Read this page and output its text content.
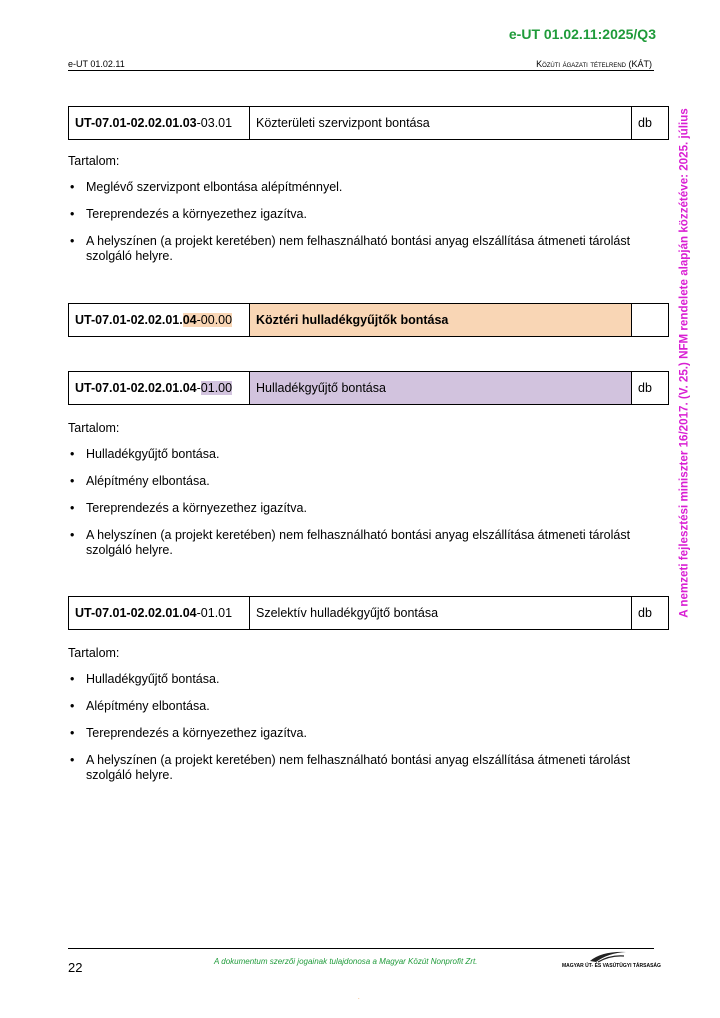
e-UT 01.02.11:2025/Q3
e-UT 01.02.11	Közúti ágazati tételrend (KÁT)
A nemzeti fejlesztési miniszter 16/2017. (V. 25.) NFM rendelete alapján közzétéve: 2025. július
UT-07.01-02.02.01.03-03.01	Közterületi szervizpont bontása	db

Tartalom:

• Meglévő szervizpont elbontása alépítménnyel.
• Tereprendezés a környezethez igazítva.
• A helyszínen (a projekt keretében) nem felhasználható bontási anyag elszállítása átmeneti tárolást szolgáló helyre.
UT-07.01-02.02.01.04-00.00	Köztéri hulladékgyűjtők bontása	
UT-07.01-02.02.01.04-01.00	Hulladékgyűjtő bontása	db

Tartalom:

• Hulladékgyűjtő bontása.
• Alépítmény elbontása.
• Tereprendezés a környezethez igazítva.
• A helyszínen (a projekt keretében) nem felhasználható bontási anyag elszállítása átmeneti tárolást szolgáló helyre.
UT-07.01-02.02.01.04-01.01	Szelektív hulladékgyűjtő bontása	db

Tartalom:

• Hulladékgyűjtő bontása.
• Alépítmény elbontása.
• Tereprendezés a környezethez igazítva.
• A helyszínen (a projekt keretében) nem felhasználható bontási anyag elszállítása átmeneti tárolást szolgáló helyre.
22	A dokumentum szerzői jogainak tulajdonosa a Magyar Közút Nonprofit Zrt.	MAGYAR ÚT- ÉS VASÚTÜGYI TÁRSASÁG
.
